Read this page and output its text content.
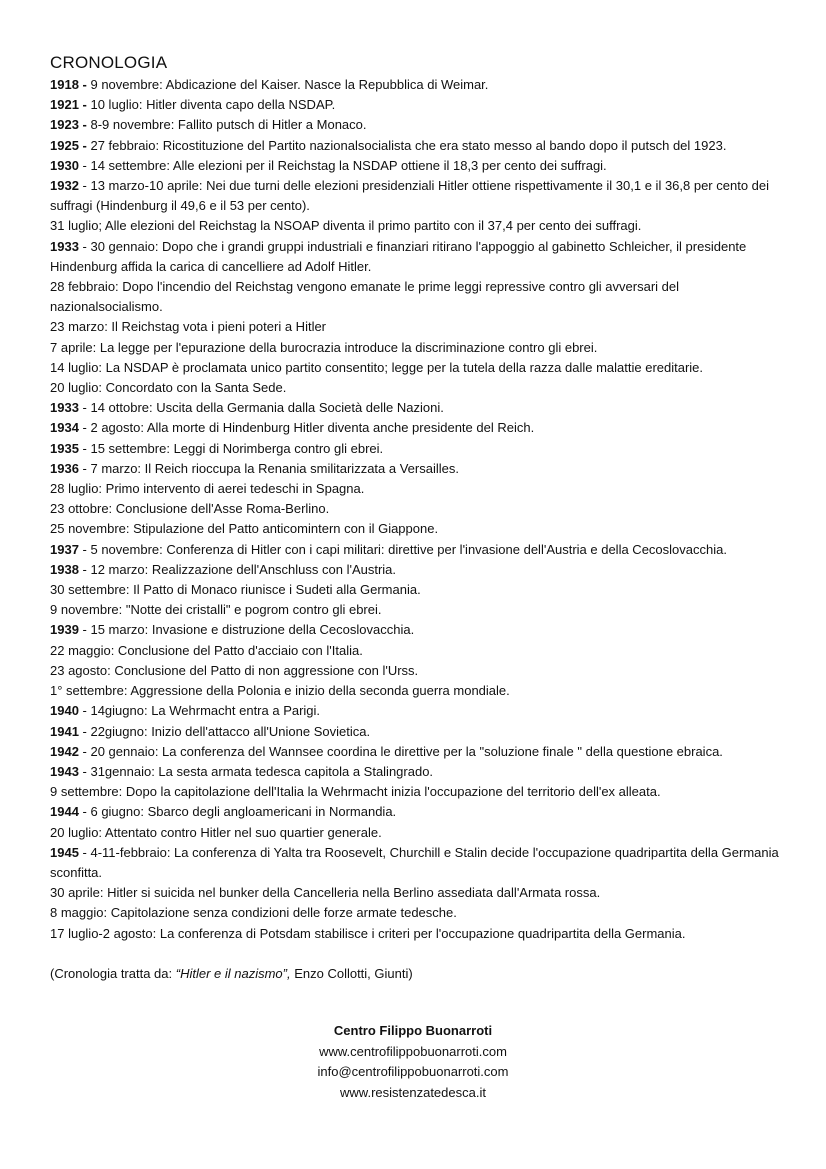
CRONOLOGIA

1918 - 9 novembre: Abdicazione del Kaiser. Nasce la Repubblica di Weimar.

1921 - 10 luglio: Hitler diventa capo della NSDAP.

1923 - 8-9 novembre: Fallito putsch di Hitler a Monaco.

1925 - 27 febbraio: Ricostituzione del Partito nazionalsocialista che era stato messo al bando dopo il putsch del 1923.

1930 - 14 settembre: Alle elezioni per il Reichstag la NSDAP ottiene il 18,3 per cento dei suffragi.

1932 - 13 marzo-10 aprile: Nei due turni delle elezioni presidenziali Hitler ottiene rispettivamente il 30,1 e il 36,8 per cento dei suffragi (Hindenburg il 49,6 e il 53 per cento).

31 luglio; Alle elezioni del Reichstag la NSOAP diventa il primo partito con il 37,4 per cento dei suffragi.

1933 - 30 gennaio: Dopo che i grandi gruppi industriali e finanziari ritirano l'appoggio al gabinetto Schleicher, il presidente Hindenburg affida la carica di cancelliere ad Adolf Hitler.

28 febbraio: Dopo l'incendio del Reichstag vengono emanate le prime leggi repressive contro gli avversari del nazionalsocialismo.

23 marzo: Il Reichstag vota i pieni poteri a Hitler

7 aprile: La legge per l'epurazione della burocrazia introduce la discriminazione contro gli ebrei.

14 luglio: La NSDAP è proclamata unico partito consentito; legge per la tutela della razza dalle malattie ereditarie.

20 luglio: Concordato con la Santa Sede.

1933 - 14 ottobre: Uscita della Germania dalla Società delle Nazioni.

1934 - 2 agosto: Alla morte di Hindenburg Hitler diventa anche presidente del Reich.

1935 - 15 settembre: Leggi di Norimberga contro gli ebrei.

1936 - 7 marzo: Il Reich rioccupa la Renania smilitarizzata a Versailles.

28 luglio: Primo intervento di aerei tedeschi in Spagna.

23 ottobre: Conclusione dell'Asse Roma-Berlino.

25 novembre: Stipulazione del Patto anticomintern con il Giappone.

1937 - 5 novembre: Conferenza di Hitler con i capi militari: direttive per l'invasione dell'Austria e della Cecoslovacchia.

1938 - 12 marzo: Realizzazione dell'Anschluss con l'Austria.

30 settembre: Il Patto di Monaco riunisce i Sudeti alla Germania.

9 novembre: "Notte dei cristalli" e pogrom contro gli ebrei.

1939 - 15 marzo: Invasione e distruzione della Cecoslovacchia.

22 maggio: Conclusione del Patto d'acciaio con l'Italia.

23 agosto: Conclusione del Patto di non aggressione con l'Urss.

1° settembre: Aggressione della Polonia e inizio della seconda guerra mondiale.

1940 - 14giugno: La Wehrmacht entra a Parigi.

1941 - 22giugno: Inizio dell'attacco all'Unione Sovietica.

1942 - 20 gennaio: La conferenza del Wannsee coordina le direttive per la "soluzione finale " della questione ebraica.

1943 - 31gennaio: La sesta armata tedesca capitola a Stalingrado.

9 settembre: Dopo la capitolazione dell'Italia la Wehrmacht inizia l'occupazione del territorio dell'ex alleata.

1944 - 6 giugno: Sbarco degli angloamericani in Normandia.

20 luglio: Attentato contro Hitler nel suo quartier generale.

1945 - 4-11-febbraio: La conferenza di Yalta tra Roosevelt, Churchill e Stalin decide l'occupazione quadripartita della Germania sconfitta.

30 aprile: Hitler si suicida nel bunker della Cancelleria nella Berlino assediata dall'Armata rossa.

8 maggio: Capitolazione senza condizioni delle forze armate tedesche.

17 luglio-2 agosto: La conferenza di Potsdam stabilisce i criteri per l'occupazione quadripartita della Germania.

(Cronologia tratta da: “Hitler e il nazismo”, Enzo Collotti, Giunti)
Centro Filippo Buonarroti
www.centrofilippobuonarroti.com
info@centrofilippobuonarroti.com
www.resistenzatedesca.it
